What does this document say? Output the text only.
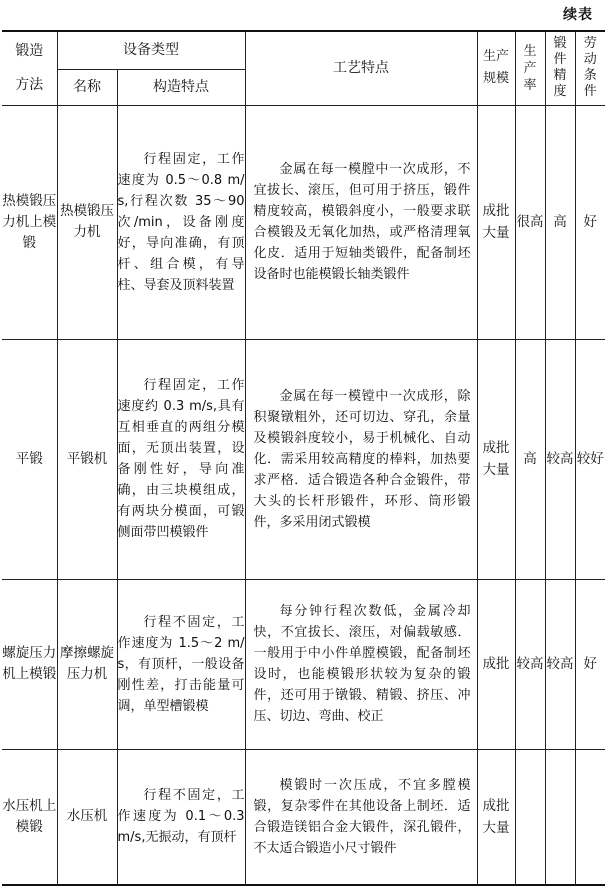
续表
锻造方法	设备类型		工艺特点	生产规模	生产率	锻件精度	劳动条件
	名称	构造特点					
热模锻压力机上模锻	热模锻压力机	行程固定，工作速度为 0.5～0.8 m/s,行程次数 35～90 次/min，设备刚度好，导向准确，有顶杆、组合模，有导柱、导套及顶料装置	金属在每一模膛中一次成形，不宜拔长、滚压，但可用于挤压，锻件精度较高，模锻斜度小，一般要求联合模锻及无氧化加热，或严格清理氧化皮．适用于短轴类锻件，配备制坯设备时也能模锻长轴类锻件	成批大量	很高	高	好
平锻	平锻机	行程固定，工作速度约 0.3 m/s,具有互相垂直的两组分模面，无顶出装置，设备刚性好，导向准确，由三块模组成，有两块分模面，可锻侧面带凹模锻件	金属在每一模镗中一次成形，除积聚镦粗外，还可切边、穿孔，余量及模锻斜度较小，易于机械化、自动化．需采用较高精度的棒料，加热要求严格．适合锻造各种合金锻件，带大头的长杆形锻件，环形、筒形锻件，多采用闭式锻模	成批大量	高	较高	较好
螺旋压力机上模锻	摩擦螺旋压力机	行程不固定，工作速度为 1.5～2 m/s，有顶杆，一般设备刚性差，打击能量可调，单型槽锻模	每分钟行程次数低，金属冷却快，不宜拔长、滚压，对偏载敏感．一般用于中小件单膛模锻，配备制坯设时，也能模锻形状较为复杂的锻件，还可用于镦锻、精锻、挤压、冲压、切边、弯曲、校正	成批	较高	较高	好
水压机上模锻	水压机	行程不固定，工作速度为 0.1～0.3 m/s,无振动，有顶杆	模锻时一次压成，不宜多膛模锻，复杂零件在其他设备上制坯．适合锻造镁铝合金大锻件，深孔锻件，不太适合锻造小尺寸锻件	成批大量			
